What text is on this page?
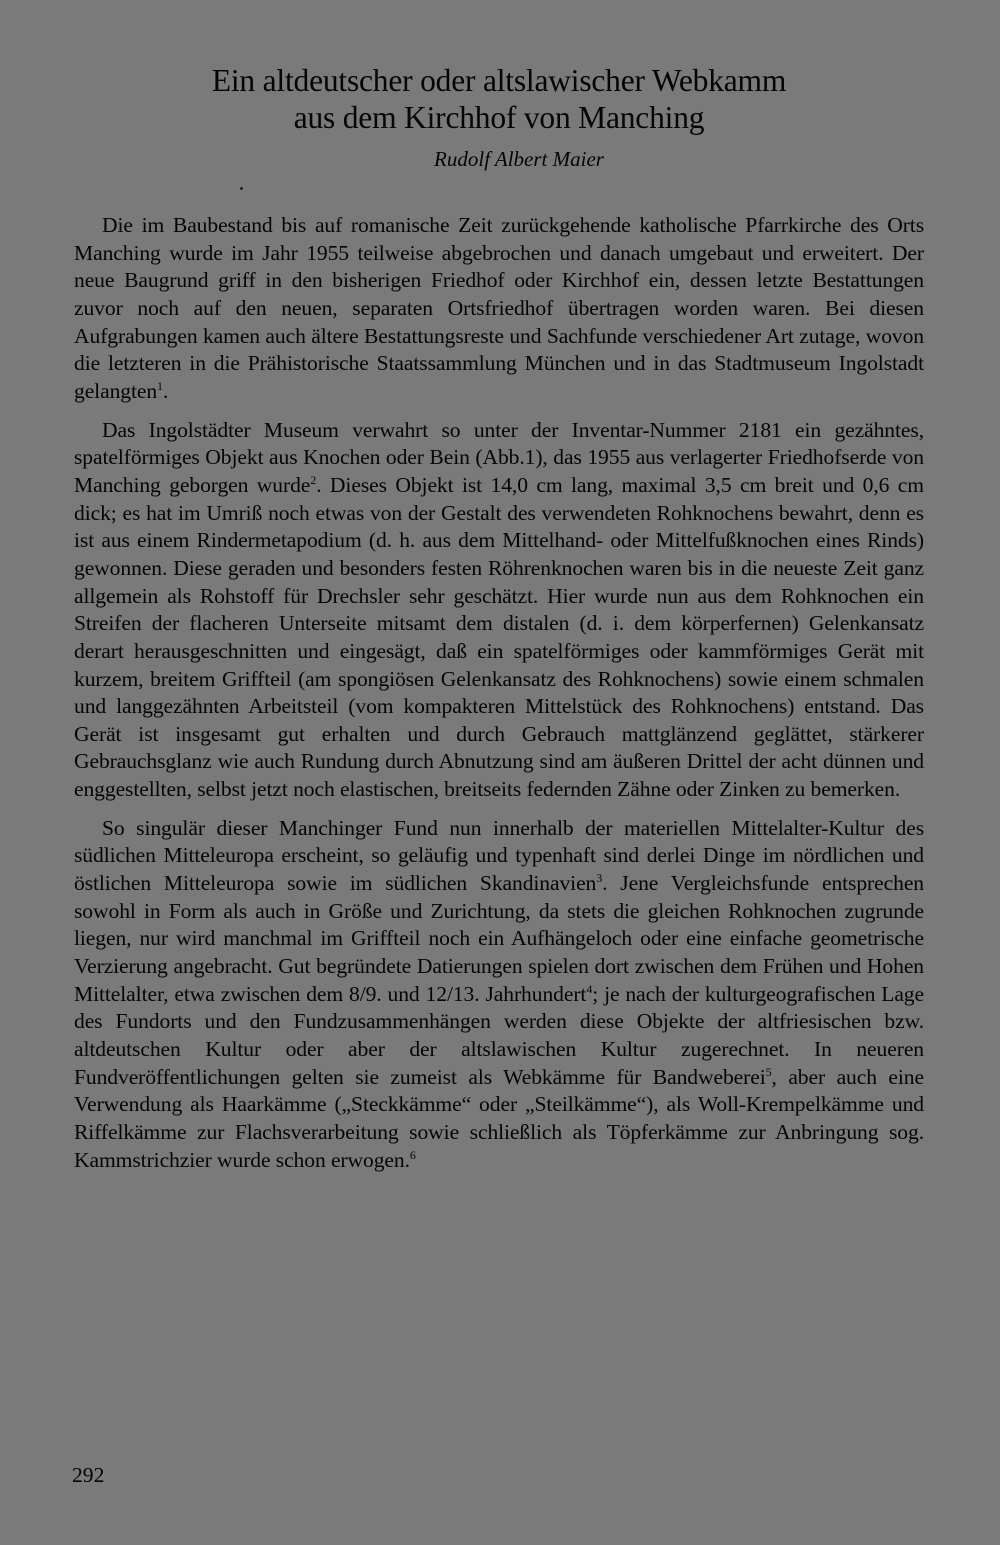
Ein altdeutscher oder altslawischer Webkamm
aus dem Kirchhof von Manching
Rudolf Albert Maier

Die im Baubestand bis auf romanische Zeit zurückgehende katholische Pfarrkirche des Orts Manching wurde im Jahr 1955 teilweise abgebrochen und danach umgebaut und erweitert. Der neue Baugrund griff in den bisherigen Friedhof oder Kirchhof ein, dessen letzte Bestattungen zuvor noch auf den neuen, separaten Ortsfriedhof übertragen worden waren. Bei diesen Aufgrabungen kamen auch ältere Bestattungsreste und Sachfunde verschiedener Art zutage, wovon die letzteren in die Prähistorische Staatssammlung München und in das Stadtmuseum Ingolstadt gelangten$^1$.

Das Ingolstädter Museum verwahrt so unter der Inventar-Nummer 2181 ein gezähntes, spatelförmiges Objekt aus Knochen oder Bein (Abb.1), das 1955 aus verlagerter Friedhofserde von Manching geborgen wurde$^2$. Dieses Objekt ist 14,0 cm lang, maximal 3,5 cm breit und 0,6 cm dick; es hat im Umriß noch etwas von der Gestalt des verwendeten Rohknochens bewahrt, denn es ist aus einem Rindermetapodium (d. h. aus dem Mittelhand- oder Mittelfußknochen eines Rinds) gewonnen. Diese geraden und besonders festen Röhrenknochen waren bis in die neueste Zeit ganz allgemein als Rohstoff für Drechsler sehr geschätzt. Hier wurde nun aus dem Rohknochen ein Streifen der flacheren Unterseite mitsamt dem distalen (d. i. dem körperfernen) Gelenkansatz derart herausgeschnitten und eingesägt, daß ein spatelförmiges oder kammförmiges Gerät mit kurzem, breitem Griffteil (am spongiösen Gelenkansatz des Rohknochens) sowie einem schmalen und langgezähnten Arbeitsteil (vom kompakteren Mittelstück des Rohknochens) entstand. Das Gerät ist insgesamt gut erhalten und durch Gebrauch mattglänzend geglättet, stärkerer Gebrauchsglanz wie auch Rundung durch Abnutzung sind am äußeren Drittel der acht dünnen und enggestellten, selbst jetzt noch elastischen, breitseits federnden Zähne oder Zinken zu bemerken.

So singulär dieser Manchinger Fund nun innerhalb der materiellen Mittelalter-Kultur des südlichen Mitteleuropa erscheint, so geläufig und typenhaft sind derlei Dinge im nördlichen und östlichen Mitteleuropa sowie im südlichen Skandinavien$^3$. Jene Vergleichsfunde entsprechen sowohl in Form als auch in Größe und Zurichtung, da stets die gleichen Rohknochen zugrunde liegen, nur wird manchmal im Griffteil noch ein Aufhängeloch oder eine einfache geometrische Verzierung angebracht. Gut begründete Datierungen spielen dort zwischen dem Frühen und Hohen Mittelalter, etwa zwischen dem 8/9. und 12/13. Jahrhundert$^4$; je nach der kulturgeografischen Lage des Fundorts und den Fundzusammenhängen werden diese Objekte der altfriesischen bzw. altdeutschen Kultur oder aber der altslawischen Kultur zugerechnet. In neueren Fundveröffentlichungen gelten sie zumeist als Webkämme für Bandweberei$^5$, aber auch eine Verwendung als Haarkämme („Steckkämme“ oder „Steilkämme“), als Woll-Krempelkämme und Riffelkämme zur Flachsverarbeitung sowie schließlich als Töpferkämme zur Anbringung sog. Kammstrichzier wurde schon erwogen.$^6$

292
